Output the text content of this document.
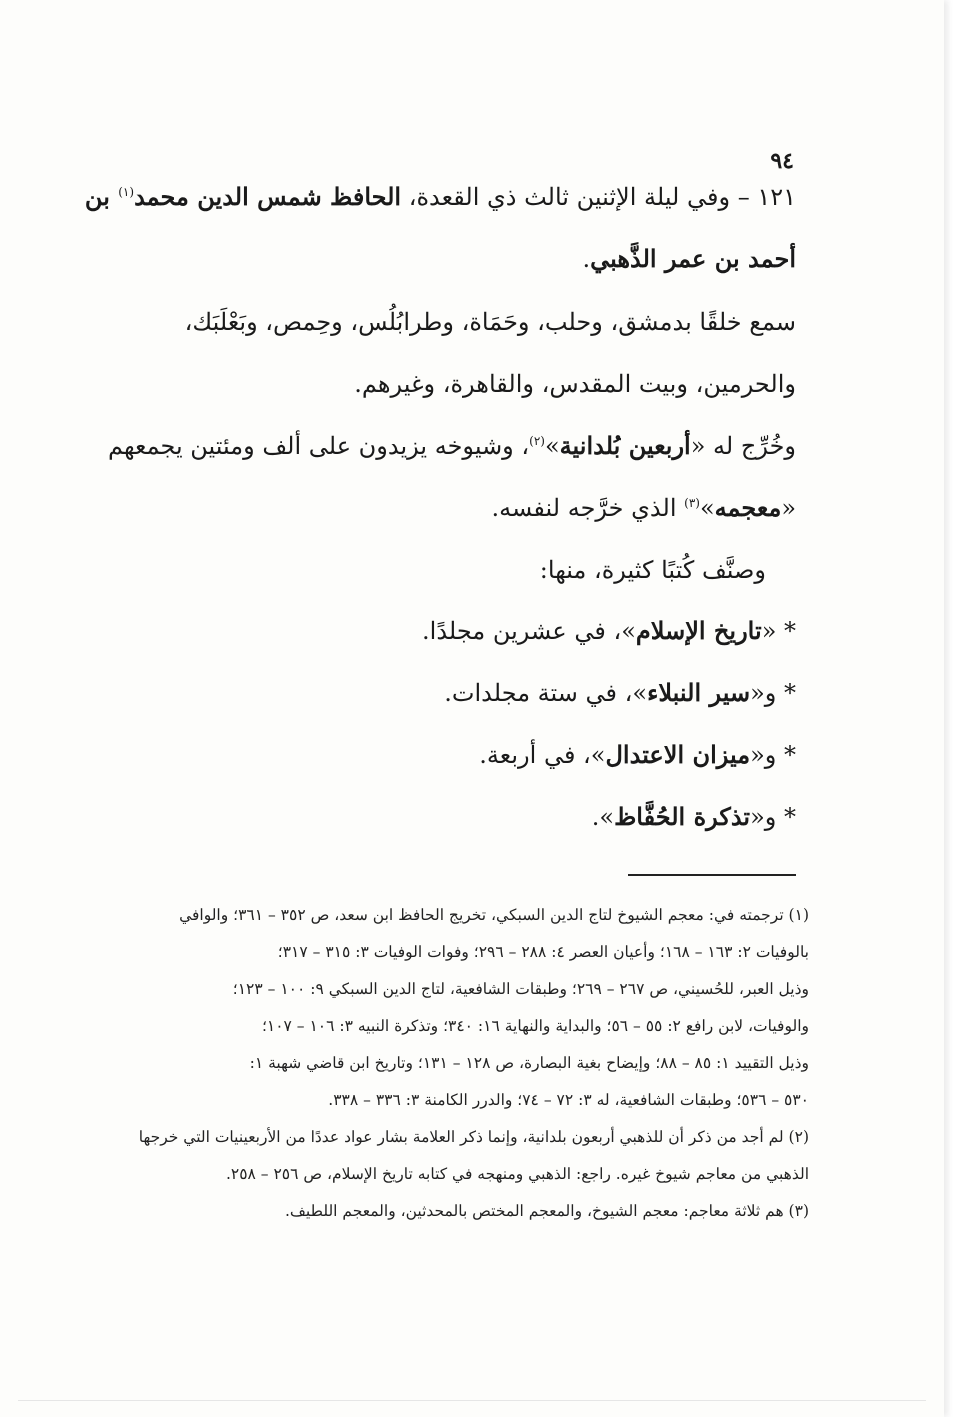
٩٤
١٢١ – وفي ليلة الإثنين ثالث ذي القعدة، الحافظ شمس الدين محمد$^{(١)}$ بن
أحمد بن عمر الذَّهبي.
سمع خلقًا بدمشق، وحلب، وحَمَاة، وطرابُلُس، وحِمص، وبَعْلَبَك،
والحرمين، وبيت المقدس، والقاهرة، وغيرهم.
وخُرِّج له «أربعين بُلدانية»$^{(٢)}$، وشيوخه يزيدون على ألف ومئتين يجمعهم
«معجمه»$^{(٣)}$ الذي خرَّجه لنفسه.
وصنَّف كُتبًا كثيرة، منها:
* «تاريخ الإسلام»، في عشرين مجلدًا.
* و«سير النبلاء»، في ستة مجلدات.
* و«ميزان الاعتدال»، في أربعة.
* و«تذكرة الحُفَّاظ».
(١) ترجمته في: معجم الشيوخ لتاج الدين السبكي، تخريج الحافظ ابن سعد، ص ٣٥٢ – ٣٦١؛ والوافي
بالوفيات ٢: ١٦٣ – ١٦٨؛ وأعيان العصر ٤: ٢٨٨ – ٢٩٦؛ وفوات الوفيات ٣: ٣١٥ – ٣١٧؛
وذيل العبر، للحُسيني، ص ٢٦٧ – ٢٦٩؛ وطبقات الشافعية، لتاج الدين السبكي ٩: ١٠٠ – ١٢٣؛
والوفيات، لابن رافع ٢: ٥٥ – ٥٦؛ والبداية والنهاية ١٦: ٣٤٠؛ وتذكرة النبيه ٣: ١٠٦ – ١٠٧؛
وذيل التقييد ١: ٨٥ – ٨٨؛ وإيضاح بغية البصارة، ص ١٢٨ – ١٣١؛ وتاريخ ابن قاضي شهبة ١:
٥٣٠ – ٥٣٦؛ وطبقات الشافعية، له ٣: ٧٢ – ٧٤؛ والدرر الكامنة ٣: ٣٣٦ – ٣٣٨.
(٢) لم أجد من ذكر أن للذهبي أربعون بلدانية، وإنما ذكر العلامة بشار عواد عددًا من الأربعينيات التي خرجها
الذهبي من معاجم شيوخ غيره. راجع: الذهبي ومنهجه في كتابه تاريخ الإسلام، ص ٢٥٦ – ٢٥٨.
(٣) هم ثلاثة معاجم: معجم الشيوخ، والمعجم المختص بالمحدثين، والمعجم اللطيف.
